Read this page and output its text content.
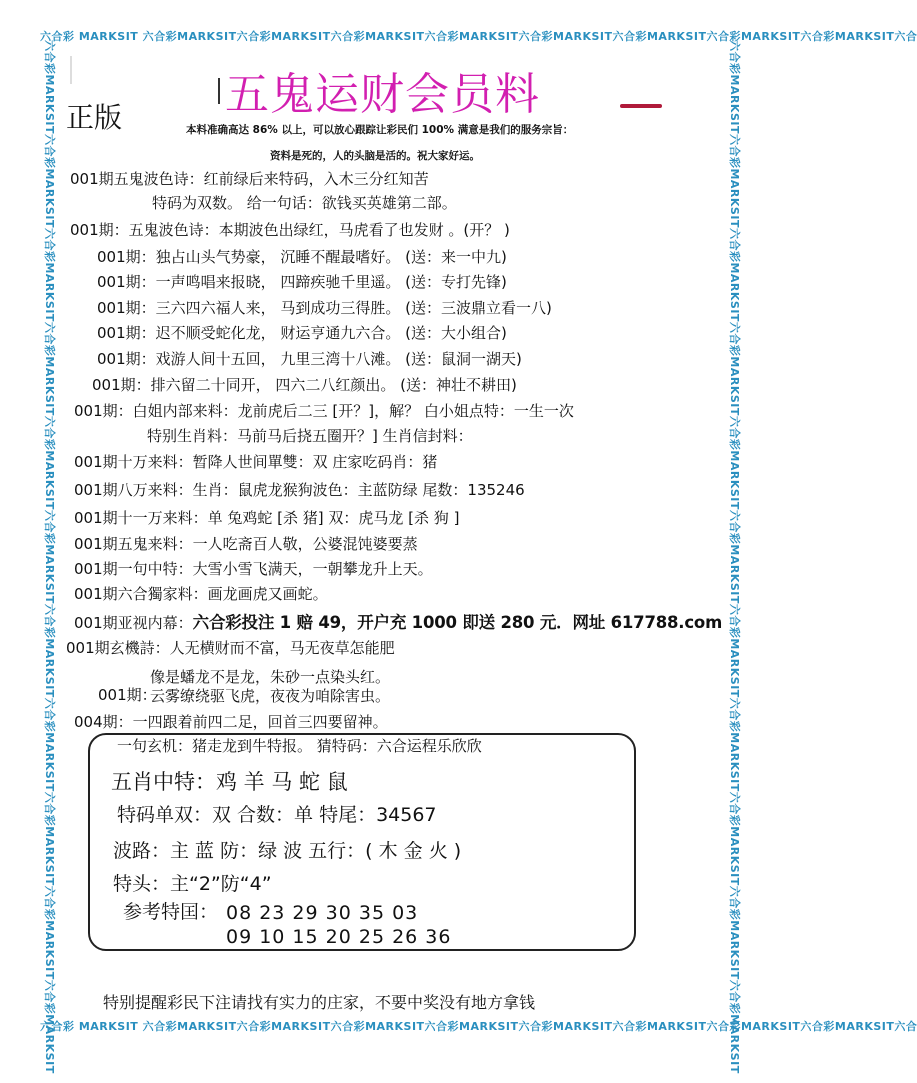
六合彩 MARKSIT 六合彩MARKSIT六合彩MARKSIT六合彩MARKSIT六合彩MARKSIT六合彩MARKSIT六合彩MARKSIT六合彩MARKSIT六合彩MARKSIT六合
六合彩 MARKSIT 六合彩MARKSIT六合彩MARKSIT六合彩MARKSIT六合彩MARKSIT六合彩MARKSIT六合彩MARKSIT六合彩MARKSIT六合彩MARKSIT六合
六合彩MARKSIT六合彩MARKSIT六合彩MARKSIT六合彩MARKSIT六合彩MARKSIT六合彩MARKSIT六合彩MARKSIT六合彩MARKSIT六合彩MARKSIT六合彩MARKSIT六合彩MARKSIT	六合彩MARKSIT六合彩MARKSIT六合彩MARKSIT六合彩MARKSIT六合彩MARKSIT六合彩MARKSIT六合彩MARKSIT六合彩MARKSIT六合彩MARKSIT六合彩MARKSIT六合彩MARKSIT
五鬼运财会员料
正版	本料准确高达 86% 以上，可以放心跟踪让彩民们 100% 满意是我们的服务宗旨：
资料是死的，人的头脑是活的。祝大家好运。
001期五鬼波色诗：红前绿后来特码，入木三分红知苦
特码为双数。 给一句话：欲钱买英雄第二部。
001期：五鬼波色诗：本期波色出绿红，马虎看了也发财 。(开？ )
001期：独占山头气势豪， 沉睡不醒最嗜好。 (送：来一中九)
001期：一声鸣唱来报晓， 四蹄疾驰千里遥。 (送：专打先锋)
001期：三六四六福人来， 马到成功三得胜。 (送：三波鼎立看一八)
001期：迟不顺受蛇化龙， 财运亨通九六合。 (送：大小组合)
001期：戏游人间十五回， 九里三湾十八滩。 (送：鼠洞一湖天)
001期：排六留二十同开， 四六二八红颜出。 (送：神壮不耕田)
001期：白姐内部来料：龙前虎后二三 [开？]，解？ 白小姐点特：一生一次
特别生肖料：马前马后挠五圈开？] 生肖信封料：
001期十万来料：暂降人世间單雙：双 庄家吃码肖：猪
001期八万来料：生肖：鼠虎龙猴狗波色：主蓝防绿 尾数：135246
001期十一万来料：单 兔鸡蛇 [杀 猪] 双：虎马龙 [杀 狗 ]
001期五鬼来料：一人吃斋百人敬，公婆混饨婆要蒸
001期一句中特：大雪小雪飞满天，一朝攀龙升上天。
001期六合獨家料：画龙画虎又画蛇。
001期亚视内幕：六合彩投注 1 赔 49，开户充 1000 即送 280 元．网址 617788.com
001期玄機詩：人无横财而不富，马无夜草怎能肥
像是蟠龙不是龙，朱砂一点染头红。
001期：
云雾缭绕驱飞虎，夜夜为咱除害虫。
004期：一四跟着前四二足，回首三四要留神。
一句玄机：猪走龙到牛特报。 猜特码：六合运程乐欣欣
五肖中特：鸡 羊 马 蛇 鼠
特码单双：双 合数：单 特尾：34567
波路：主 蓝 防：绿 波 五行：( 木 金 火 )
特头：主“2”防“4”
参考特囯： 08 23 29 30 35 03
09 10 15 20 25 26 36
特别提醒彩民下注请找有实力的庄家，不要中奖没有地方拿钱
